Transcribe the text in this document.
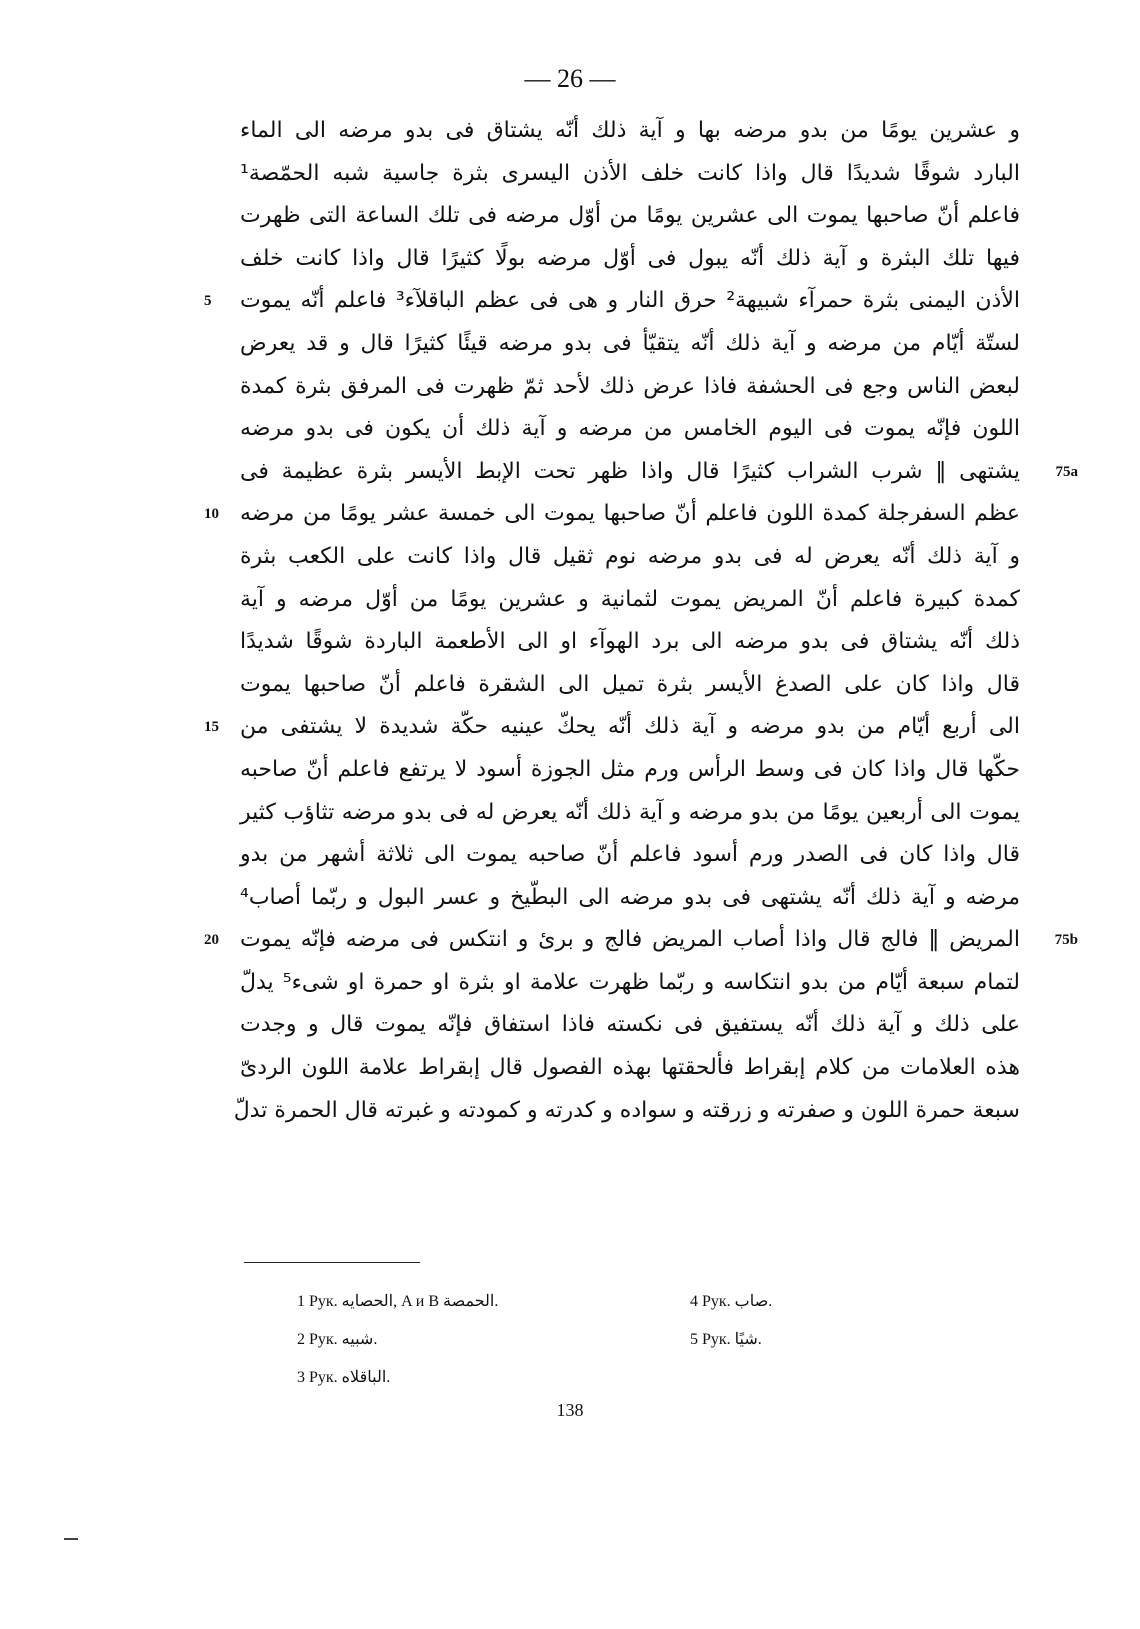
— 26 —
و عشرين يومًا من بدو مرضه بها و آية ذلك أنّه يشتاق فى بدو مرضه الى الماء
البارد شوقًا شديدًا قال واذا كانت خلف الأذن اليسرى بثرة جاسية شبه الحمّصة¹
فاعلم أنّ صاحبها يموت الى عشرين يومًا من أوّل مرضه فى تلك الساعة التى ظهرت
فيها تلك البثرة و آية ذلك أنّه يبول فى أوّل مرضه بولًا كثيرًا قال واذا كانت خلف
الأذن اليمنى بثرة حمرآء شبيهة² حرق النار و هى فى عظم الباقلآء³ فاعلم أنّه يموت
5
لستّة أيّام من مرضه و آية ذلك أنّه يتقيّأ فى بدو مرضه قيئًا كثيرًا قال و قد يعرض
لبعض الناس وجع فى الحشفة فاذا عرض ذلك لأحد ثمّ ظهرت فى المرفق بثرة كمدة
اللون فإنّه يموت فى اليوم الخامس من مرضه و آية ذلك أن يكون فى بدو مرضه
يشتهى ‖ شرب الشراب كثيرًا قال واذا ظهر تحت الإبط الأيسر بثرة عظيمة فى 75a
عظم السفرجلة كمدة اللون فاعلم أنّ صاحبها يموت الى خمسة عشر يومًا من مرضه
10
و آية ذلك أنّه يعرض له فى بدو مرضه نوم ثقيل قال واذا كانت على الكعب بثرة
كمدة كبيرة فاعلم أنّ المريض يموت لثمانية و عشرين يومًا من أوّل مرضه و آية
ذلك أنّه يشتاق فى بدو مرضه الى برد الهوآء او الى الأطعمة الباردة شوقًا شديدًا
قال واذا كان على الصدغ الأيسر بثرة تميل الى الشقرة فاعلم أنّ صاحبها يموت
الى أربع أيّام من بدو مرضه و آية ذلك أنّه يحكّ عينيه حكّة شديدة لا يشتفى من
15
حكّها قال واذا كان فى وسط الرأس ورم مثل الجوزة أسود لا يرتفع فاعلم أنّ صاحبه
يموت الى أربعين يومًا من بدو مرضه و آية ذلك أنّه يعرض له فى بدو مرضه تثاؤب كثير
قال واذا كان فى الصدر ورم أسود فاعلم أنّ صاحبه يموت الى ثلاثة أشهر من بدو
مرضه و آية ذلك أنّه يشتهى فى بدو مرضه الى البطّيخ و عسر البول و ربّما أصاب⁴
المريض ‖ فالج قال واذا أصاب المريض فالج و برئ و انتكس فى مرضه فإنّه يموت
20	75b
لتمام سبعة أيّام من بدو انتكاسه و ربّما ظهرت علامة او بثرة او حمرة او شىء⁵ يدلّ
على ذلك و آية ذلك أنّه يستفيق فى نكسته فاذا استفاق فإنّه يموت قال و وجدت
هذه العلامات من كلام إبقراط فألحقتها بهذه الفصول قال إبقراط علامة اللون الردىّ
سبعة حمرة اللون و صفرته و زرقته و سواده و كدرته و كمودته و غبرته قال الحمرة تدلّ
1 Рук. الحصايه, A и B الحمصة.
2 Рук. شبيه.
3 Рук. الباقلاه.
4 Рук. صاب.
5 Рук. شيًا.
138
